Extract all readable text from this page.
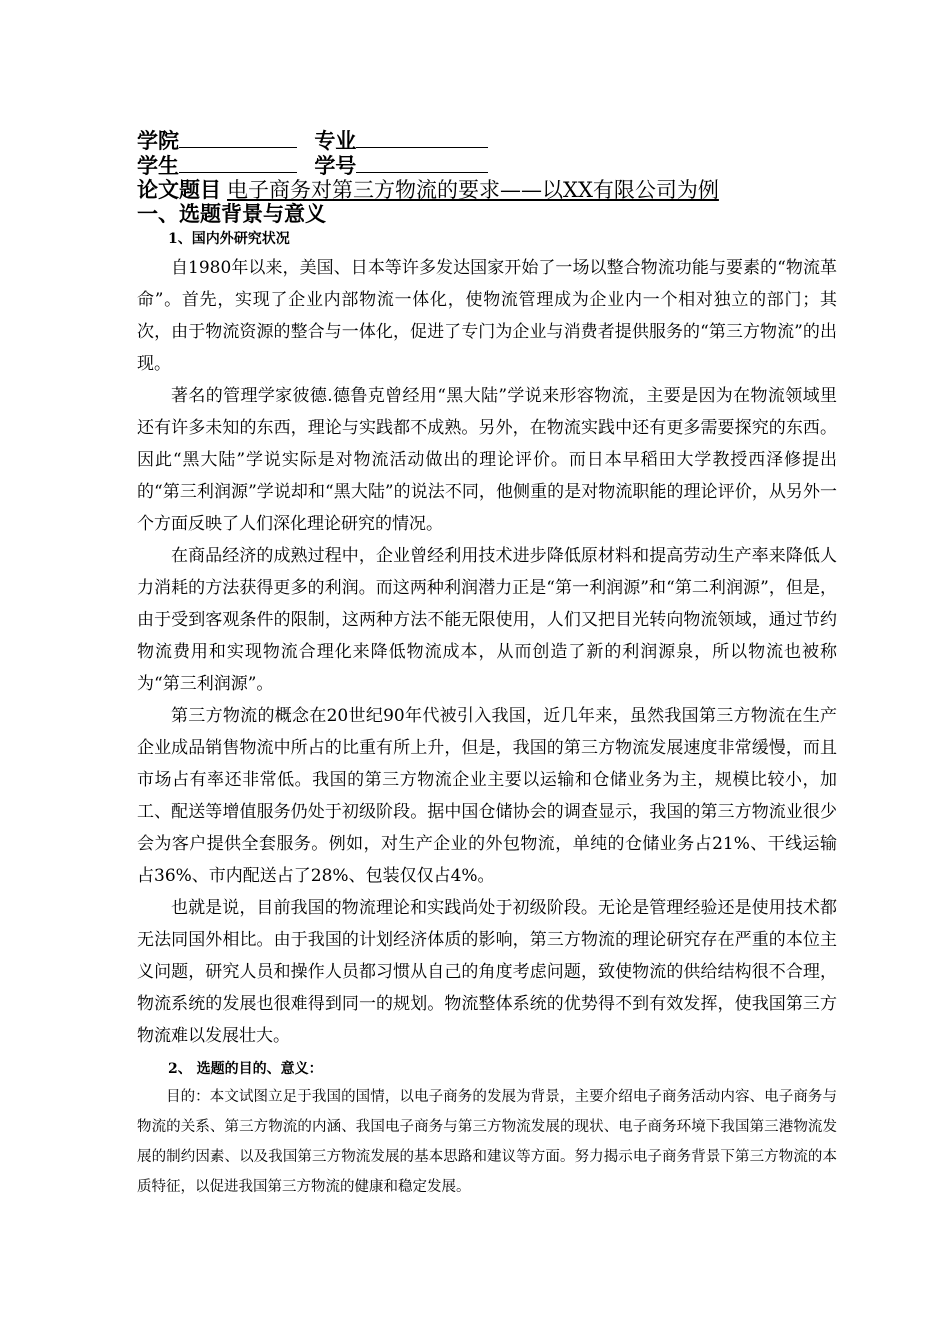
学院	专业
学生	学号
论文题目 电子商务对第三方物流的要求——以XX有限公司为例
一、选题背景与意义
1、国内外研究状况

自1980年以来，美国、日本等许多发达国家开始了一场以整合物流功能与要素的“物流革命”。首先，实现了企业内部物流一体化，使物流管理成为企业内一个相对独立的部门；其次，由于物流资源的整合与一体化，促进了专门为企业与消费者提供服务的“第三方物流”的出现。

著名的管理学家彼德.德鲁克曾经用“黑大陆”学说来形容物流，主要是因为在物流领域里还有许多未知的东西，理论与实践都不成熟。另外，在物流实践中还有更多需要探究的东西。因此“黑大陆”学说实际是对物流活动做出的理论评价。而日本早稻田大学教授西泽修提出的“第三利润源”学说却和“黑大陆”的说法不同，他侧重的是对物流职能的理论评价，从另外一个方面反映了人们深化理论研究的情况。

在商品经济的成熟过程中，企业曾经利用技术进步降低原材料和提高劳动生产率来降低人力消耗的方法获得更多的利润。而这两种利润潜力正是“第一利润源”和“第二利润源”，但是，由于受到客观条件的限制，这两种方法不能无限使用，人们又把目光转向物流领域，通过节约物流费用和实现物流合理化来降低物流成本，从而创造了新的利润源泉，所以物流也被称为“第三利润源”。

第三方物流的概念在20世纪90年代被引入我国，近几年来，虽然我国第三方物流在生产企业成品销售物流中所占的比重有所上升，但是，我国的第三方物流发展速度非常缓慢，而且市场占有率还非常低。我国的第三方物流企业主要以运输和仓储业务为主，规模比较小，加工、配送等增值服务仍处于初级阶段。据中国仓储协会的调查显示，我国的第三方物流业很少会为客户提供全套服务。例如，对生产企业的外包物流，单纯的仓储业务占21%、干线运输占36%、市内配送占了28%、包装仅仅占4%。

也就是说，目前我国的物流理论和实践尚处于初级阶段。无论是管理经验还是使用技术都无法同国外相比。由于我国的计划经济体质的影响，第三方物流的理论研究存在严重的本位主义问题，研究人员和操作人员都习惯从自己的角度考虑问题，致使物流的供给结构很不合理，物流系统的发展也很难得到同一的规划。物流整体系统的优势得不到有效发挥，使我国第三方物流难以发展壮大。

2、 选题的目的、意义：

目的：本文试图立足于我国的国情，以电子商务的发展为背景，主要介绍电子商务活动内容、电子商务与物流的关系、第三方物流的内涵、我国电子商务与第三方物流发展的现状、电子商务环境下我国第三港物流发展的制约因素、以及我国第三方物流发展的基本思路和建议等方面。努力揭示电子商务背景下第三方物流的本质特征，以促进我国第三方物流的健康和稳定发展。
